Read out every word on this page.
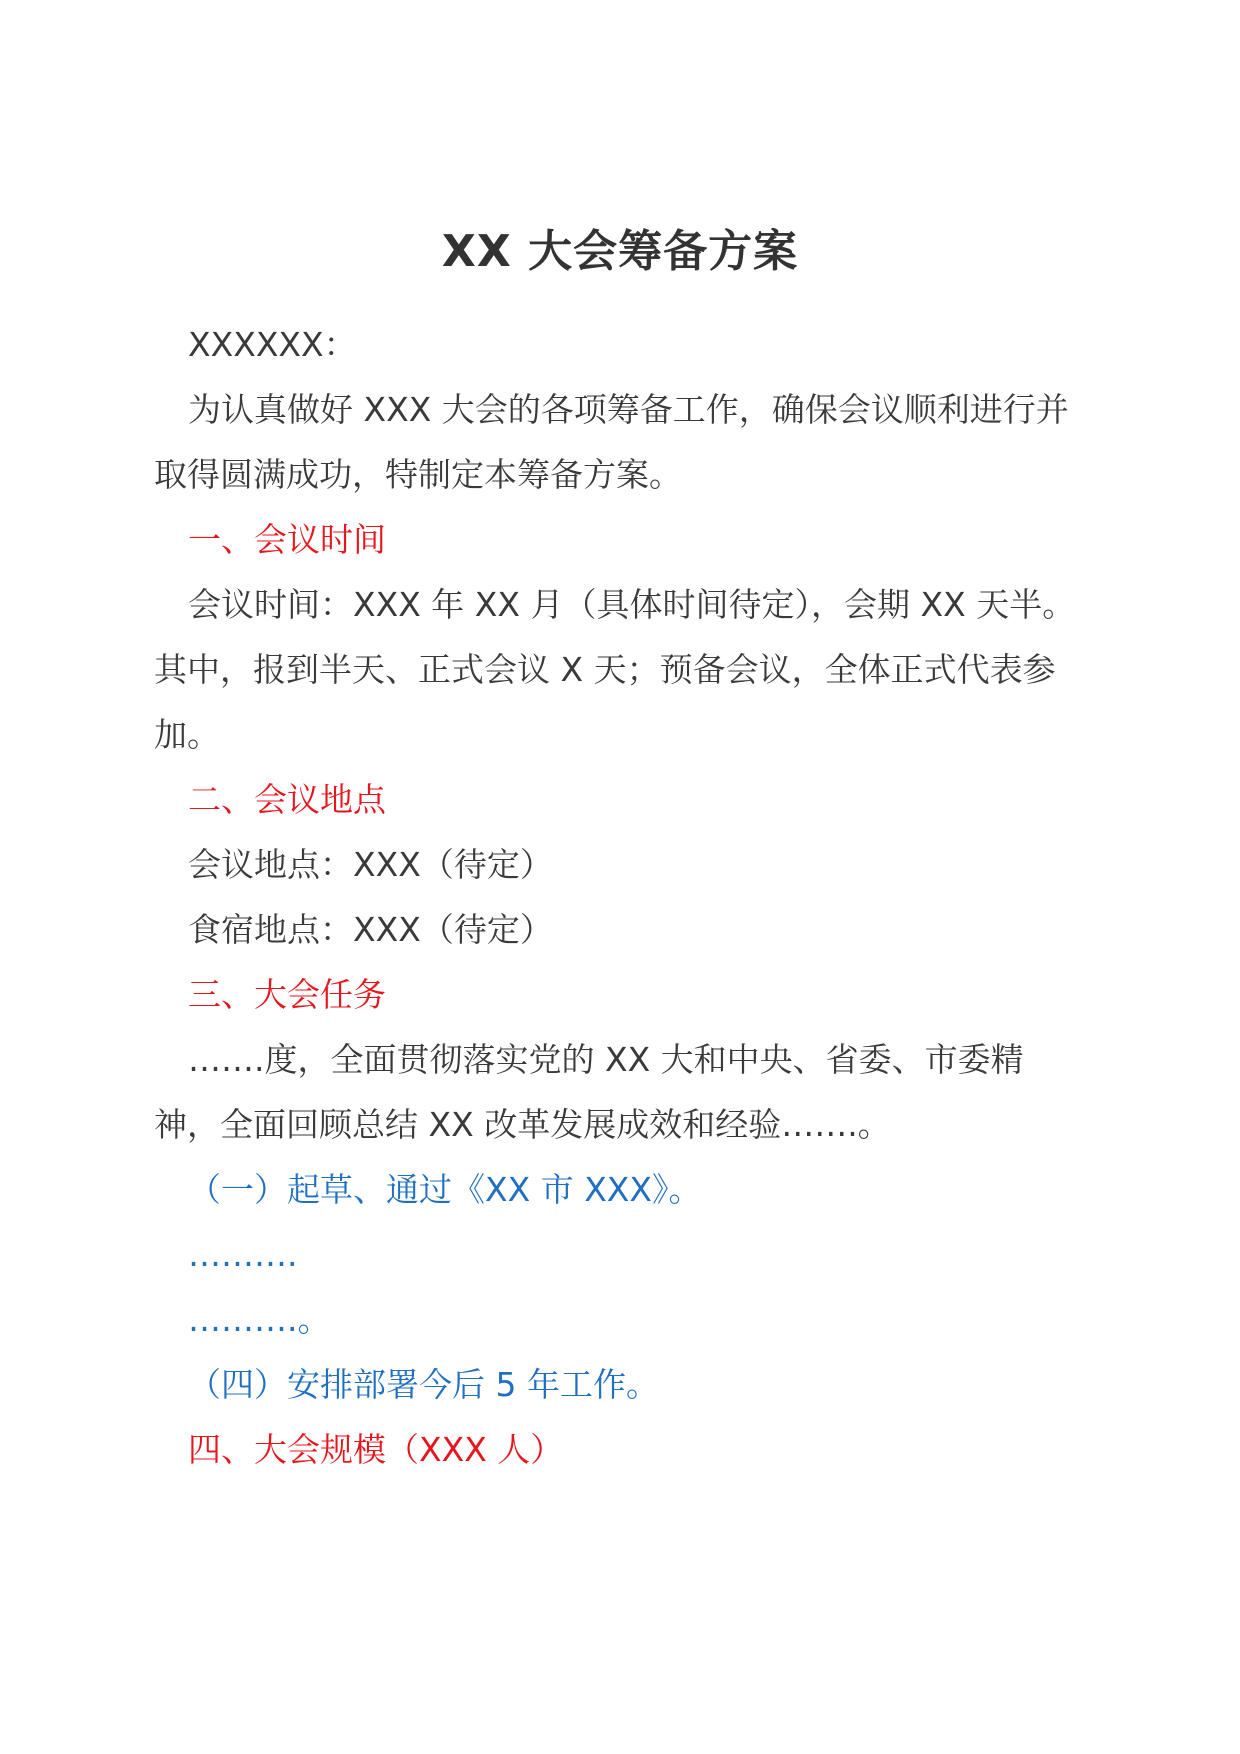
XX 大会筹备方案

XXXXXX：

为认真做好 XXX 大会的各项筹备工作，确保会议顺利进行并取得圆满成功，特制定本筹备方案。

一、会议时间

会议时间：XXX 年 XX 月（具体时间待定），会期 XX 天半。其中，报到半天、正式会议 X 天；预备会议，全体正式代表参加。

二、会议地点

会议地点：XXX（待定）

食宿地点：XXX（待定）

三、大会任务

…….度，全面贯彻落实党的 XX 大和中央、省委、市委精神，全面回顾总结 XX 改革发展成效和经验…….。

（一）起草、通过《XX 市 XXX》。

……….

……….。

（四）安排部署今后 5 年工作。

四、大会规模（XXX 人）
